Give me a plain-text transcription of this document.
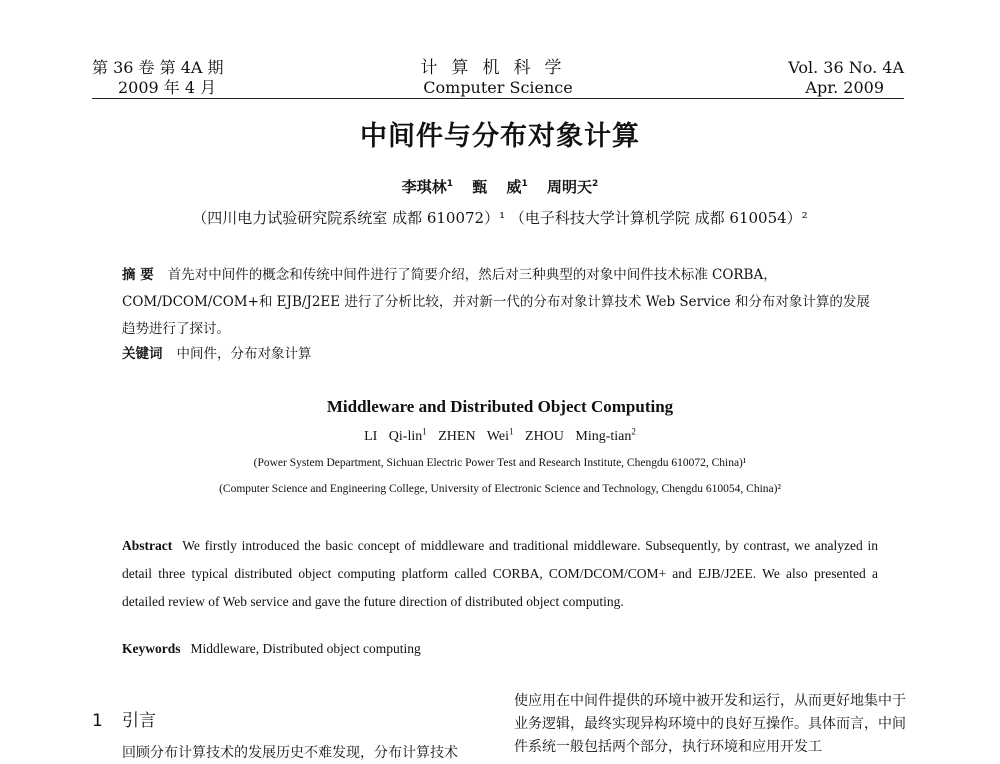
第 36 卷 第 4A 期
2009 年 4 月
计算机科学
Computer Science
Vol. 36 No. 4A
Apr. 2009
中间件与分布对象计算
李琪林$^1$ 甄 威$^1$ 周明天$^2$
（四川电力试验研究院系统室 成都 610072）¹ （电子科技大学计算机学院 成都 610054）²
摘 要 首先对中间件的概念和传统中间件进行了简要介绍，然后对三种典型的对象中间件技术标准 CORBA，COM/DCOM/COM+和 EJB/J2EE 进行了分析比较，并对新一代的分布对象计算技术 Web Service 和分布对象计算的发展趋势进行了探讨。
关键词 中间件，分布对象计算
Middleware and Distributed Object Computing
LI Qi-lin$^1$ ZHEN Wei$^1$ ZHOU Ming-tian$^2$
(Power System Department, Sichuan Electric Power Test and Research Institute, Chengdu 610072, China)¹
(Computer Science and Engineering College, University of Electronic Science and Technology, Chengdu 610054, China)²
Abstract We firstly introduced the basic concept of middleware and traditional middleware. Subsequently, by contrast, we analyzed in detail three typical distributed object computing platform called CORBA, COM/DCOM/COM+ and EJB/J2EE. We also presented a detailed review of Web service and gave the future direction of distributed object computing.
Keywords Middleware, Distributed object computing
1 引言
回顾分布计算技术的发展历史不难发现，分布计算技术
使应用在中间件提供的环境中被开发和运行，从而更好地集中于业务逻辑，最终实现异构环境中的良好互操作。具体而言，中间件系统一般包括两个部分，执行环境和应用开发工
